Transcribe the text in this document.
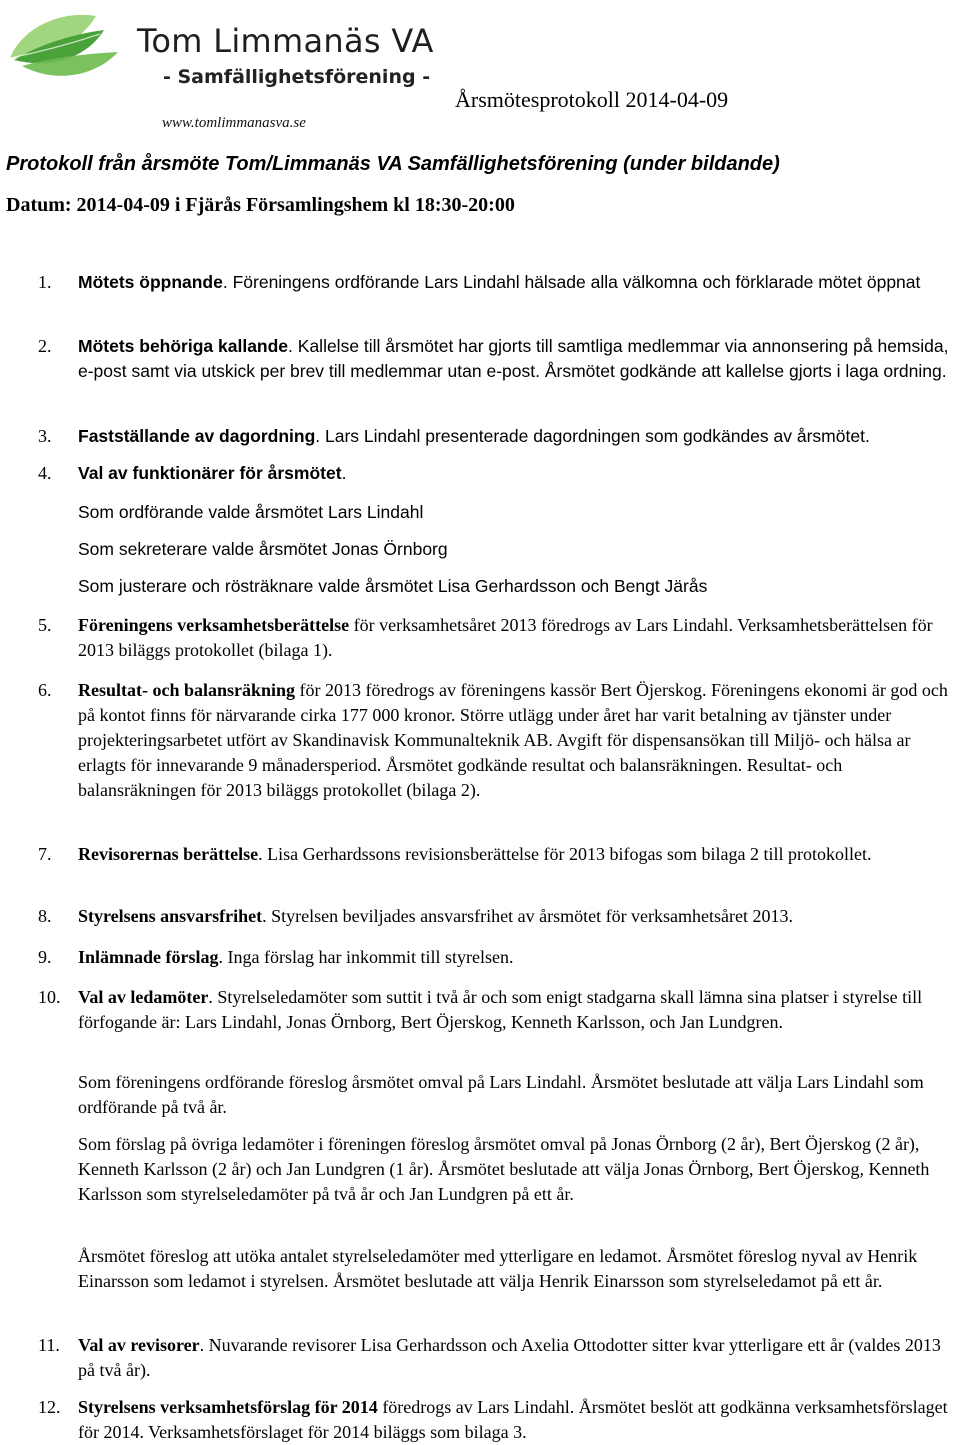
Tom Limmanäs VA
- Samfällighetsförening -
www.tomlimmanasva.se
Årsmötesprotokoll 2014-04-09
Protokoll från årsmöte Tom/Limmanäs VA Samfällighetsförening (under bildande)
Datum: 2014-04-09 i Fjärås Församlingshem kl 18:30-20:00
1.	Mötets öppnande. Föreningens ordförande Lars Lindahl hälsade alla välkomna och förklarade mötet öppnat
2.	Mötets behöriga kallande. Kallelse till årsmötet har gjorts till samtliga medlemmar via annonsering på hemsida, e-post samt via utskick per brev till medlemmar utan e-post. Årsmötet godkände att kallelse gjorts i laga ordning.
3.	Fastställande av dagordning. Lars Lindahl presenterade dagordningen som godkändes av årsmötet.
4.	Val av funktionärer för årsmötet.
Som ordförande valde årsmötet Lars Lindahl
Som sekreterare valde årsmötet Jonas Örnborg
Som justerare och rösträknare valde årsmötet Lisa Gerhardsson och Bengt Järås
5.	Föreningens verksamhetsberättelse för verksamhetsåret 2013 föredrogs av Lars Lindahl. Verksamhetsberättelsen för 2013 biläggs protokollet (bilaga 1).
6.	Resultat- och balansräkning för 2013 föredrogs av föreningens kassör Bert Öjerskog. Föreningens ekonomi är god och på kontot finns för närvarande cirka 177 000 kronor. Större utlägg under året har varit betalning av tjänster under projekteringsarbetet utfört av Skandinavisk Kommunalteknik AB. Avgift för dispensansökan till Miljö- och hälsa ar erlagts för innevarande 9 månadersperiod. Årsmötet godkände resultat och balansräkningen. Resultat- och balansräkningen för 2013 biläggs protokollet (bilaga 2).
7.	Revisorernas berättelse. Lisa Gerhardssons revisionsberättelse för 2013 bifogas som bilaga 2 till protokollet.
8.	Styrelsens ansvarsfrihet. Styrelsen beviljades ansvarsfrihet av årsmötet för verksamhetsåret 2013.
9.	Inlämnade förslag. Inga förslag har inkommit till styrelsen.
10. Val av ledamöter. Styrelseledamöter som suttit i två år och som enigt stadgarna skall lämna sina platser i styrelse till förfogande är: Lars Lindahl, Jonas Örnborg, Bert Öjerskog, Kenneth Karlsson, och Jan Lundgren.
Som föreningens ordförande föreslog årsmötet omval på Lars Lindahl. Årsmötet beslutade att välja Lars Lindahl som ordförande på två år.
Som förslag på övriga ledamöter i föreningen föreslog årsmötet omval på Jonas Örnborg (2 år), Bert Öjerskog (2 år), Kenneth Karlsson (2 år) och Jan Lundgren (1 år). Årsmötet beslutade att välja Jonas Örnborg, Bert Öjerskog, Kenneth Karlsson som styrelseledamöter på två år och Jan Lundgren på ett år.
Årsmötet föreslog att utöka antalet styrelseledamöter med ytterligare en ledamot. Årsmötet föreslog nyval av Henrik Einarsson som ledamot i styrelsen. Årsmötet beslutade att välja Henrik Einarsson som styrelseledamot på ett år.
11.	Val av revisorer. Nuvarande revisorer Lisa Gerhardsson och Axelia Ottodotter sitter kvar ytterligare ett år (valdes 2013 på två år).
12. Styrelsens verksamhetsförslag för 2014 föredrogs av Lars Lindahl. Årsmötet beslöt att godkänna verksamhetsförslaget för 2014. Verksamhetsförslaget för 2014 biläggs som bilaga 3.
